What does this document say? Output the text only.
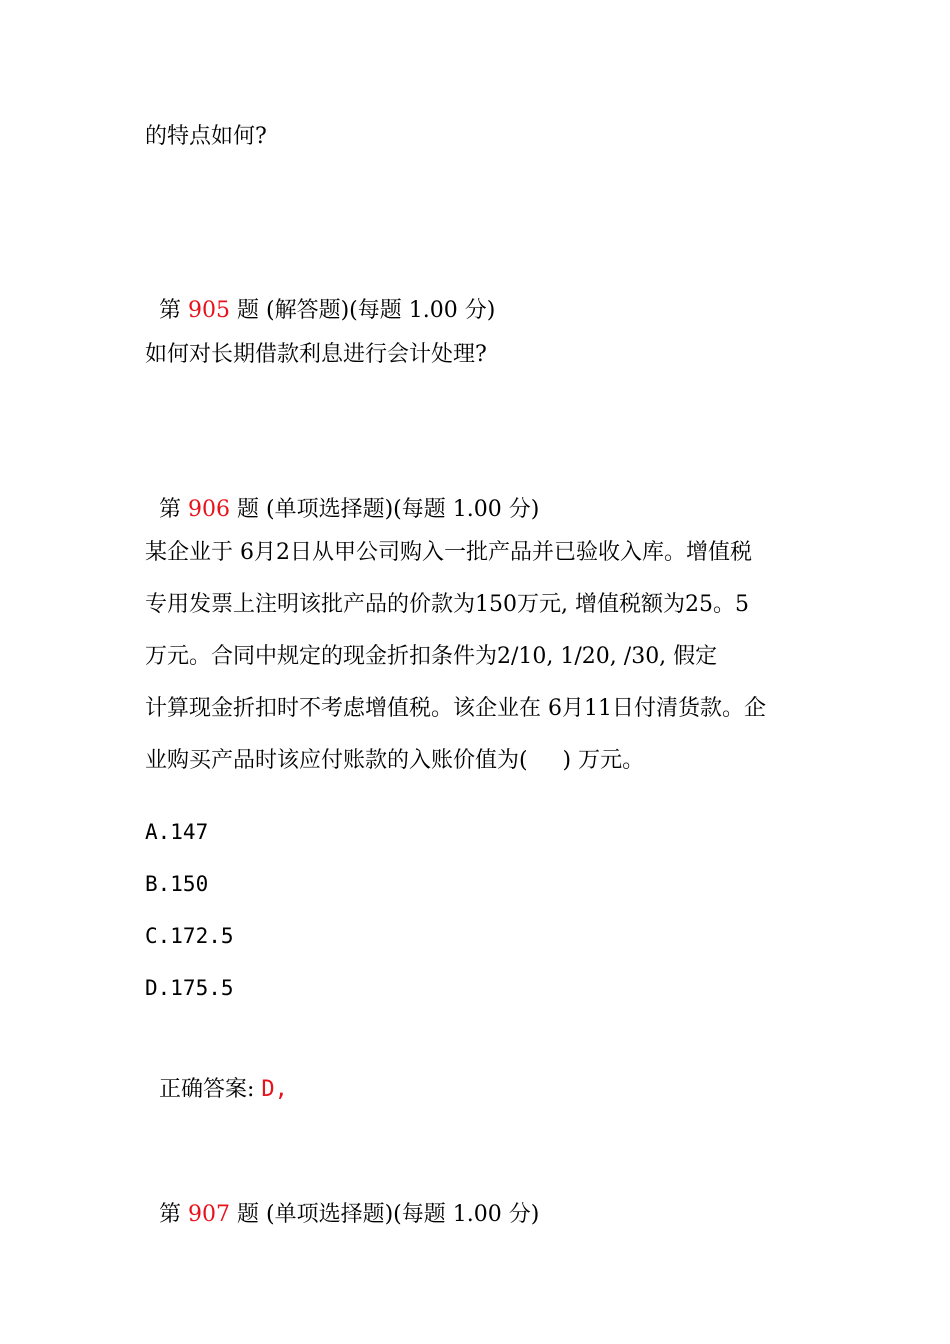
的特点如何?

第 905 题 (解答题)(每题 1.00 分)

如何对长期借款利息进行会计处理?

第 906 题 (单项选择题)(每题 1.00 分)

某企业于 6月2日从甲公司购入一批产品并已验收入库。增值税
专用发票上注明该批产品的价款为150万元, 增值税额为25。5
万元。合同中规定的现金折扣条件为2/10, 1/20, /30, 假定
计算现金折扣时不考虑增值税。该企业在 6月11日付清货款。企
业购买产品时该应付账款的入账价值为(     ) 万元。
A.147
B.150
C.172.5
D.175.5

正确答案: D,

第 907 题 (单项选择题)(每题 1.00 分)
